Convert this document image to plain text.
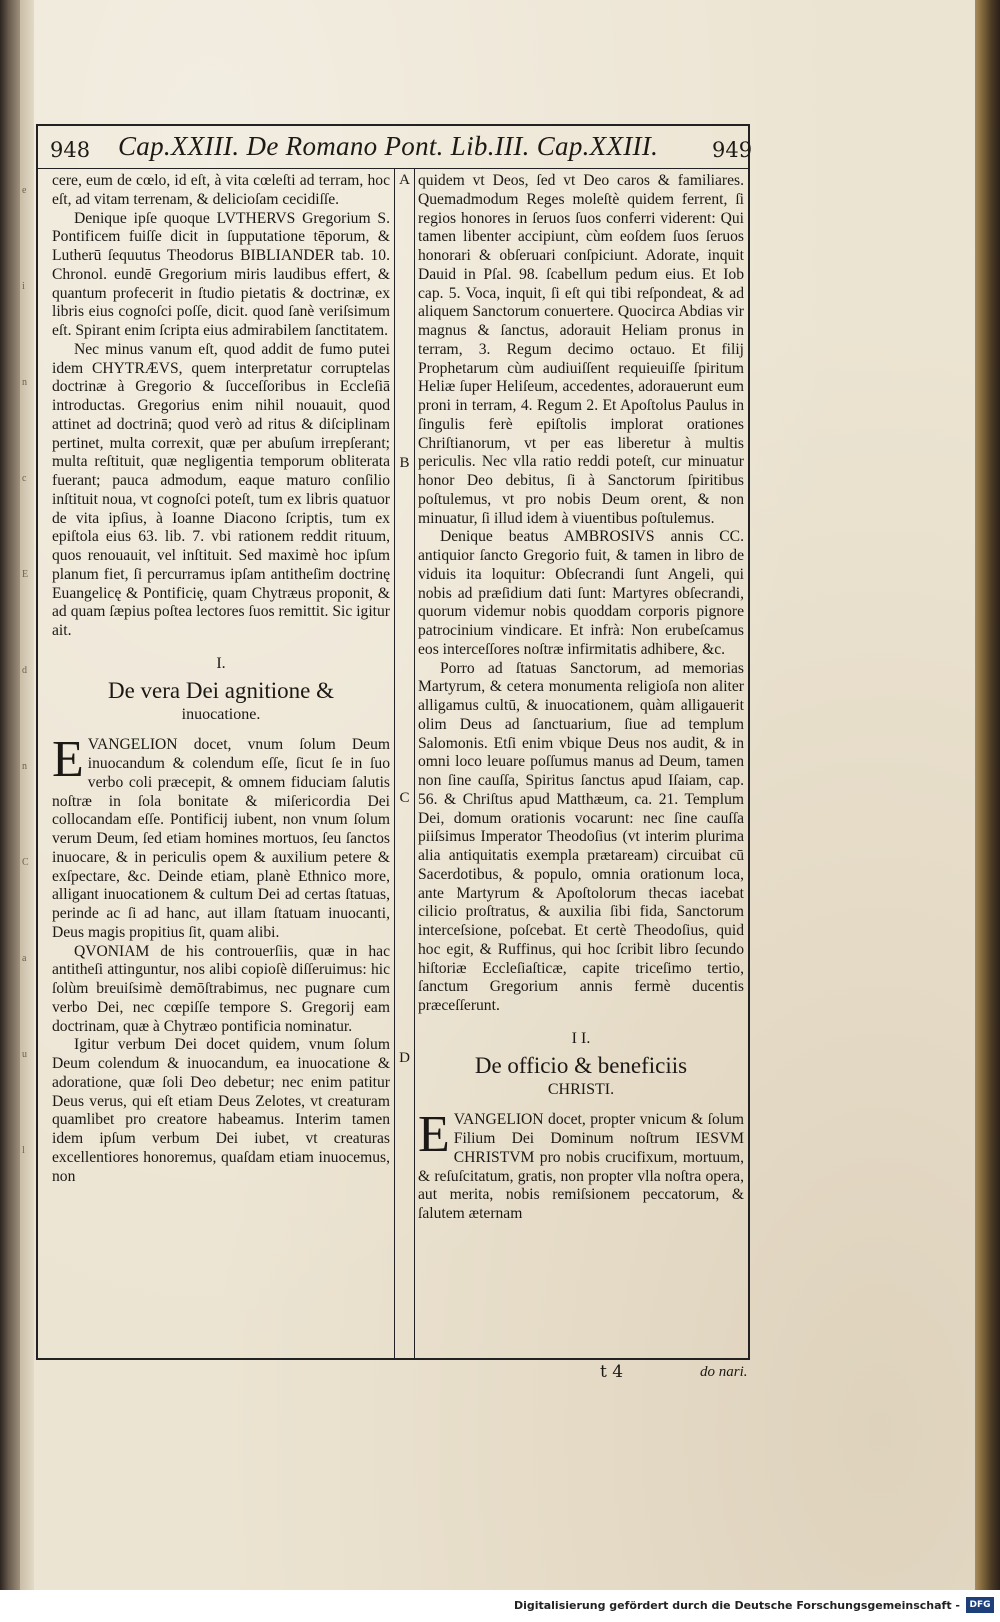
e
i
n
c
E
d
n
C
a
u
l
948 Cap.XXIII. De Romano Pont. Lib.III. Cap.XXIII.	949
A
B
C
D

cere, eum de cœlo, id eſt, à vita cœleſti ad terram, hoc eſt, ad vitam terrenam, & delicioſam cecidiſſe.

Denique ipſe quoque LVTHERVS Gregorium S. Pontificem fuiſſe dicit in ſupputatione tēporum, & Lutherū ſequutus Theodorus BIBLIANDER tab. 10. Chronol. eundē Gregorium miris laudibus effert, & quantum profecerit in ſtudio pietatis & doctrinæ, ex libris eius cognoſci poſſe, dicit. quod ſanè veriſsimum eſt. Spirant enim ſcripta eius admirabilem ſanctitatem.

Nec minus vanum eſt, quod addit de fumo putei idem CHYTRÆVS, quem interpretatur corruptelas doctrinæ à Gregorio & ſucceſſoribus in Eccleſiā introductas. Gregorius enim nihil nouauit, quod attinet ad doctrinā; quod verò ad ritus & diſciplinam pertinet, multa correxit, quæ per abuſum irrepſerant; multa reſtituit, quæ negligentia temporum obliterata fuerant; pauca admodum, eaque maturo conſilio inſtituit noua, vt cognoſci poteſt, tum ex libris quatuor de vita ipſius, à Ioanne Diacono ſcriptis, tum ex epiſtola eius 63. lib. 7. vbi rationem reddit rituum, quos renouauit, vel inſtituit. Sed maximè hoc ipſum planum fiet, ſi percurramus ipſam antitheſim doctrinę Euangelicę & Pontificię, quam Chytræus proponit, & ad quam ſæpius poſtea lectores ſuos remittit. Sic igitur ait.

I.
De vera Dei agnitione &
inuocatione.

EVANGELION docet, vnum ſolum Deum inuocandum & colendum eſſe, ſicut ſe in ſuo verbo coli præcepit, & omnem fiduciam ſalutis noſtræ in ſola bonitate & miſericordia Dei collocandam eſſe. Pontificij iubent, non vnum ſolum verum Deum, ſed etiam homines mortuos, ſeu ſanctos inuocare, & in periculis opem & auxilium petere & exſpectare, &c. Deinde etiam, planè Ethnico more, alligant inuocationem & cultum Dei ad certas ſtatuas, perinde ac ſi ad hanc, aut illam ſtatuam inuocanti, Deus magis propitius ſit, quam alibi.

QVONIAM de his controuerſiis, quæ in hac antitheſi attinguntur, nos alibi copioſè diſſeruimus: hic ſolùm breuiſsimè demōſtrabimus, nec pugnare cum verbo Dei, nec cœpiſſe tempore S. Gregorij eam doctrinam, quæ à Chytræo pontificia nominatur.

Igitur verbum Dei docet quidem, vnum ſolum Deum colendum & inuocandum, ea inuocatione & adoratione, quæ ſoli Deo debetur; nec enim patitur Deus verus, qui eſt etiam Deus Zelotes, vt creaturam quamlibet pro creatore habeamus. Interim tamen idem ipſum verbum Dei iubet, vt creaturas excellentiores honoremus, quaſdam etiam inuocemus, non

quidem vt Deos, ſed vt Deo caros & familiares. Quemadmodum Reges moleſtè quidem ferrent, ſi regios honores in ſeruos ſuos conferri viderent: Qui tamen libenter accipiunt, cùm eoſdem ſuos ſeruos honorari & obſeruari conſpiciunt. Adorate, inquit Dauid in Pſal. 98. ſcabellum pedum eius. Et Iob cap. 5. Voca, inquit, ſi eſt qui tibi reſpondeat, & ad aliquem Sanctorum conuertere. Quocirca Abdias vir magnus & ſanctus, adorauit Heliam pronus in terram, 3. Regum decimo octauo. Et filij Prophetarum cùm audiuiſſent requieuiſſe ſpiritum Heliæ ſuper Heliſeum, accedentes, adorauerunt eum proni in terram, 4. Regum 2. Et Apoſtolus Paulus in ſingulis ferè epiſtolis implorat orationes Chriſtianorum, vt per eas liberetur à multis periculis. Nec vlla ratio reddi poteſt, cur minuatur honor Deo debitus, ſi à Sanctorum ſpiritibus poſtulemus, vt pro nobis Deum orent, & non minuatur, ſi illud idem à viuentibus poſtulemus.

Denique beatus AMBROSIVS annis CC. antiquior ſancto Gregorio fuit, & tamen in libro de viduis ita loquitur: Obſecrandi ſunt Angeli, qui nobis ad præſidium dati ſunt: Martyres obſecrandi, quorum videmur nobis quoddam corporis pignore patrocinium vindicare. Et infrà: Non erubeſcamus eos interceſſores noſtræ infirmitatis adhibere, &c.

Porro ad ſtatuas Sanctorum, ad memorias Martyrum, & cetera monumenta religioſa non aliter alligamus cultū, & inuocationem, quàm alligauerit olim Deus ad ſanctuarium, ſiue ad templum Salomonis. Etſi enim vbique Deus nos audit, & in omni loco leuare poſſumus manus ad Deum, tamen non ſine cauſſa, Spiritus ſanctus apud Iſaiam, cap. 56. & Chriſtus apud Matthæum, ca. 21. Templum Dei, domum orationis vocarunt: nec ſine cauſſa piiſsimus Imperator Theodoſius (vt interim plurima alia antiquitatis exempla prætaream) circuibat cū Sacerdotibus, & populo, omnia orationum loca, ante Martyrum & Apoſtolorum thecas iacebat cilicio proſtratus, & auxilia ſibi fida, Sanctorum interceſsione, poſcebat. Et certè Theodoſius, quid hoc egit, & Ruffinus, qui hoc ſcribit libro ſecundo hiſtoriæ Eccleſiaſticæ, capite triceſimo tertio, ſanctum Gregorium annis fermè ducentis præceſſerunt.

I I.
De officio & beneficiis
CHRISTI.

EVANGELION docet, propter vnicum & ſolum Filium Dei Dominum noſtrum IESVM CHRISTVM pro nobis crucifixum, mortuum, & reſuſcitatum, gratis, non propter vlla noſtra opera, aut merita, nobis remiſsionem peccatorum, & ſalutem æternam

t 4	do nari.
Digitalisierung gefördert durch die Deutsche Forschungsgemeinschaft -	DFG
